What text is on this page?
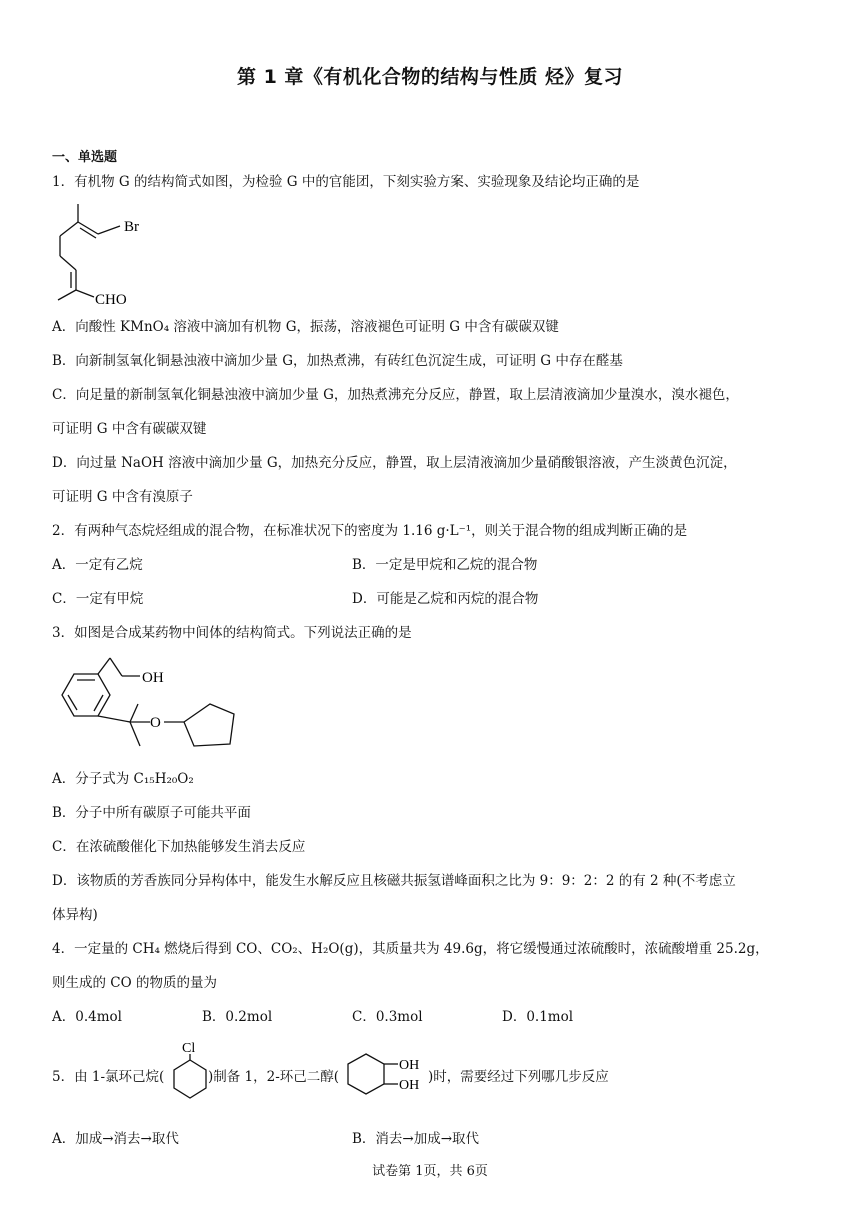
第 1 章《有机化合物的结构与性质 烃》复习
一、单选题
1．有机物 G 的结构简式如图，为检验 G 中的官能团，下刻实验方案、实验现象及结论均正确的是
Br
CHO
A．向酸性 KMnO₄ 溶液中滴加有机物 G，振荡，溶液褪色可证明 G 中含有碳碳双键
B．向新制氢氧化铜悬浊液中滴加少量 G，加热煮沸，有砖红色沉淀生成，可证明 G 中存在醛基
C．向足量的新制氢氧化铜悬浊液中滴加少量 G，加热煮沸充分反应，静置，取上层清液滴加少量溴水，溴水褪色，
可证明 G 中含有碳碳双键
D．向过量 NaOH 溶液中滴加少量 G，加热充分反应，静置，取上层清液滴加少量硝酸银溶液，产生淡黄色沉淀，
可证明 G 中含有溴原子
2．有两种气态烷烃组成的混合物，在标准状况下的密度为 1.16 g·L⁻¹，则关于混合物的组成判断正确的是
A．一定有乙烷	B．一定是甲烷和乙烷的混合物
C．一定有甲烷	D．可能是乙烷和丙烷的混合物
3．如图是合成某药物中间体的结构简式。下列说法正确的是
OH
O
A．分子式为 C₁₅H₂₀O₂
B．分子中所有碳原子可能共平面
C．在浓硫酸催化下加热能够发生消去反应
D．该物质的芳香族同分异构体中，能发生水解反应且核磁共振氢谱峰面积之比为 9：9：2：2 的有 2 种(不考虑立
体异构)
4．一定量的 CH₄ 燃烧后得到 CO、CO₂、H₂O(g)，其质量共为 49.6g，将它缓慢通过浓硫酸时，浓硫酸增重 25.2g，
则生成的 CO 的物质的量为
A．0.4mol	B．0.2mol	C．0.3mol	D．0.1mol
5．由 1-氯环己烷(
Cl
)制备 1，2-环己二醇(
OH
OH
)时，需要经过下列哪几步反应
A．加成→消去→取代	B．消去→加成→取代
试卷第 1页，共 6页
